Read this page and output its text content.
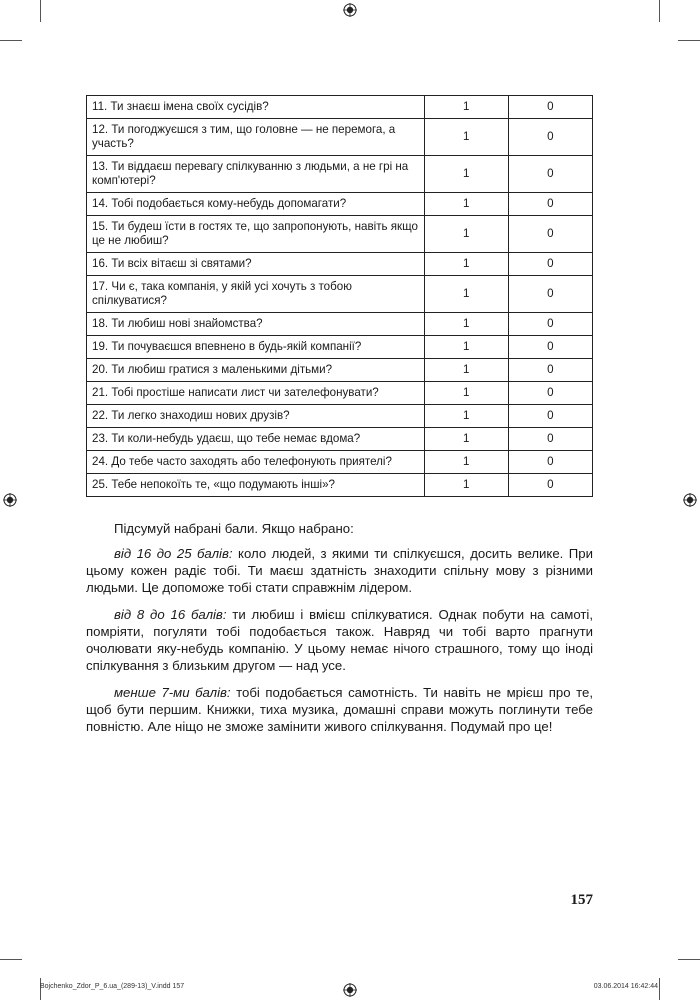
11. Ти знаєш імена своїх сусідів?	1	0
12. Ти погоджуєшся з тим, що головне — не перемога, а участь?	1	0
13. Ти віддаєш перевагу спілкуванню з людьми, а не грі на комп'ютері?	1	0
14. Тобі подобається кому-небудь допомагати?	1	0
15. Ти будеш їсти в гостях те, що запропонують, навіть якщо це не любиш?	1	0
16. Ти всіх вітаєш зі святами?	1	0
17. Чи є, така компанія, у якій усі хочуть з тобою спілкуватися?	1	0
18. Ти любиш нові знайомства?	1	0
19. Ти почуваєшся впевнено в будь-якій компанії?	1	0
20. Ти любиш гратися з маленькими дітьми?	1	0
21. Тобі простіше написати лист чи зателефонувати?	1	0
22. Ти легко знаходиш нових друзів?	1	0
23. Ти коли-небудь удаєш, що тебе немає вдома?	1	0
24. До тебе часто заходять або телефонують приятелі?	1	0
25. Тебе непокоїть те, «що подумають інші»?	1	0

Підсумуй набрані бали. Якщо набрано:

від 16 до 25 балів: коло людей, з якими ти спілкуєшся, досить велике. При цьому кожен радіє тобі. Ти маєш здатність знаходити спільну мову з різними людьми. Це допоможе тобі стати справжнім лідером.

від 8 до 16 балів: ти любиш і вмієш спілкуватися. Однак побути на самоті, помріяти, погуляти тобі подобається також. Навряд чи тобі варто прагнути очолювати яку-небудь компанію. У цьому немає нічого страшного, тому що іноді спілкування з близьким другом — над усе.

менше 7-ми балів: тобі подобається самотність. Ти навіть не мрієш про те, щоб бути першим. Книжки, тиха музика, домашні справи можуть поглинути тебе повністю. Але ніщо не зможе замінити живого спілкування. Подумай про це!

157
Bojchenko_Zdor_P_6.ua_(289-13)_V.indd 157	03.06.2014 16:42:44
